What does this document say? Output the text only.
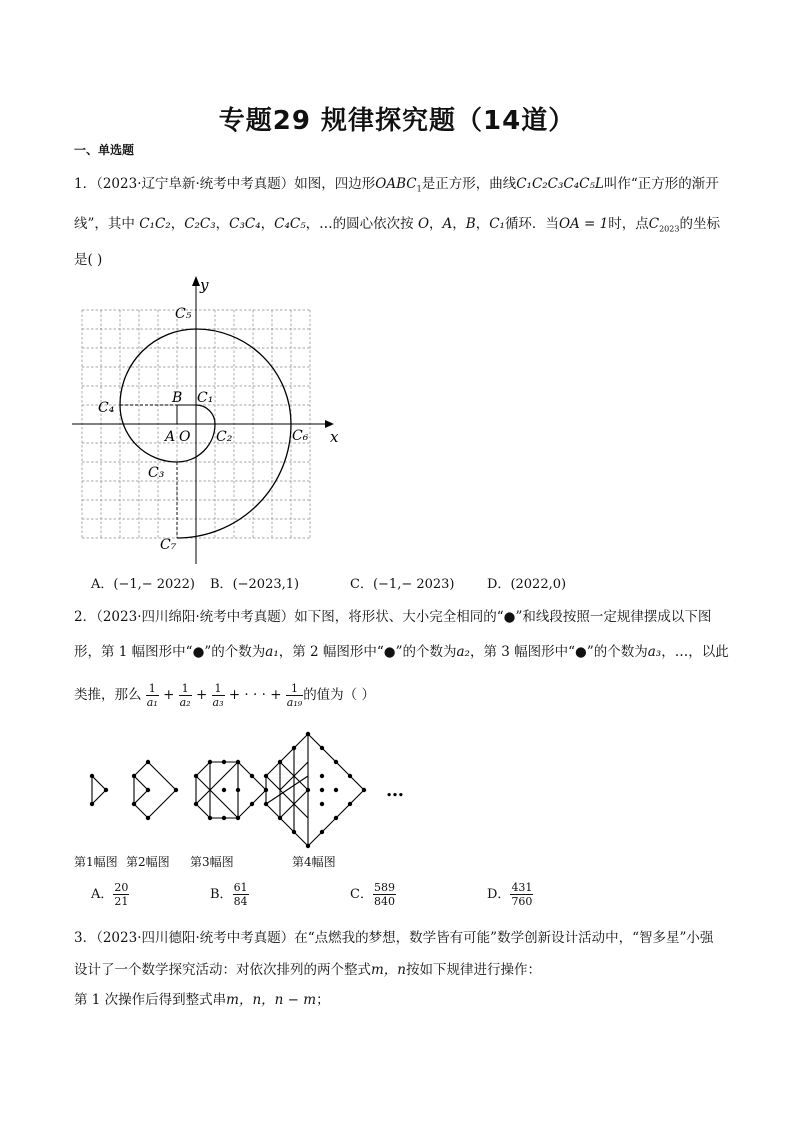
专题29 规律探究题（14道）
一、单选题
1．（2023·辽宁阜新·统考中考真题）如图，四边形$OABC_1$是正方形，曲线C₁C₂C₃C₄C₅L叫作“正方形的渐开
线”，其中 C₁C₂，C₂C₃，C₃C₄，C₄C₅，…的圆心依次按 O，A，B，C₁循环．当OA = 1时，点$C_{2023}$的坐标
是( )
y
x
O
A
B C₁
C₂
C₃
C₄
C₅
C₆
C₇
A．(−1,− 2022) B．(−2023,1)	C．(−1,− 2023) D．(2022,0)
2．（2023·四川绵阳·统考中考真题）如下图，将形状、大小完全相同的“●”和线段按照一定规律摆成以下图
形，第 1 幅图形中“●”的个数为a₁，第 2 幅图形中“●”的个数为a₂，第 3 幅图形中“●”的个数为a₃，…，以此
类推，那么 $\frac{1}{\text{a₁}} + \frac{1}{\text{a₂}} + \frac{1}{\text{a₃}}$ + · · · + $\frac{1}{\text{a₁₉}}$ 的值为（ ）
…
第1幅图 第2幅图 第3幅图	第4幅图
A． $\frac{20}{21}$	B． $\frac{61}{84}$	C． $\frac{589}{840}$	D． $\frac{431}{760}$
3．（2023·四川德阳·统考中考真题）在“点燃我的梦想，数学皆有可能”数学创新设计活动中，“智多星”小强
设计了一个数学探究活动：对依次排列的两个整式m，n按如下规律进行操作：
第 1 次操作后得到整式串m，n，n − m；
